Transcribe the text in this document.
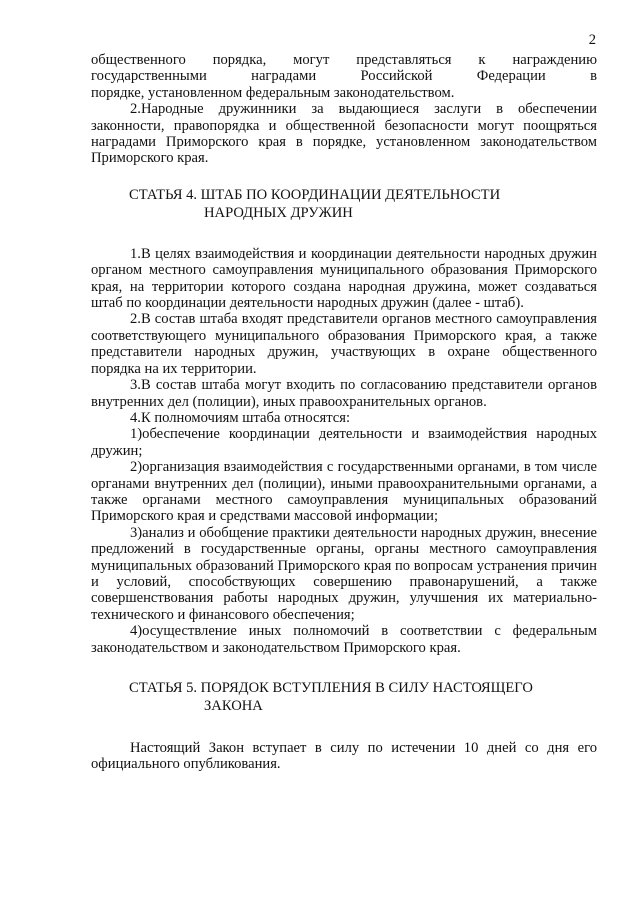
2

общественного порядка, могут представляться к награждению государственными наградами Российской Федерации в

порядке, установленном федеральным законодательством.

2.Народные дружинники за выдающиеся заслуги в обеспечении законности, правопорядка и общественной безопасности могут поощряться наградами Приморского края в порядке, установленном законодательством Приморского края.

СТАТЬЯ 4. ШТАБ ПО КООРДИНАЦИИ ДЕЯТЕЛЬНОСТИ
НАРОДНЫХ ДРУЖИН

1.В целях взаимодействия и координации деятельности народных дружин органом местного самоуправления муниципального образования Приморского края, на территории которого создана народная дружина, может создаваться штаб по координации деятельности народных дружин (далее - штаб).

2.В состав штаба входят представители органов местного самоуправления соответствующего муниципального образования Приморского края, а также представители народных дружин, участвующих в охране общественного порядка на их территории.

3.В состав штаба могут входить по согласованию представители органов внутренних дел (полиции), иных правоохранительных органов.

4.К полномочиям штаба относятся:

1)обеспечение координации деятельности и взаимодействия народных дружин;

2)организация взаимодействия с государственными органами, в том числе органами внутренних дел (полиции), иными правоохранительными органами, а также органами местного самоуправления муниципальных образований Приморского края и средствами массовой информации;

3)анализ и обобщение практики деятельности народных дружин, внесение предложений в государственные органы, органы местного самоуправления муниципальных образований Приморского края по вопросам устранения причин и условий, способствующих совершению правонарушений, а также совершенствования работы народных дружин, улучшения их материально-технического и финансового обеспечения;

4)осуществление иных полномочий в соответствии с федеральным законодательством и законодательством Приморского края.

СТАТЬЯ 5. ПОРЯДОК ВСТУПЛЕНИЯ В СИЛУ НАСТОЯЩЕГО
ЗАКОНА

Настоящий Закон вступает в силу по истечении 10 дней со дня его официального опубликования.
